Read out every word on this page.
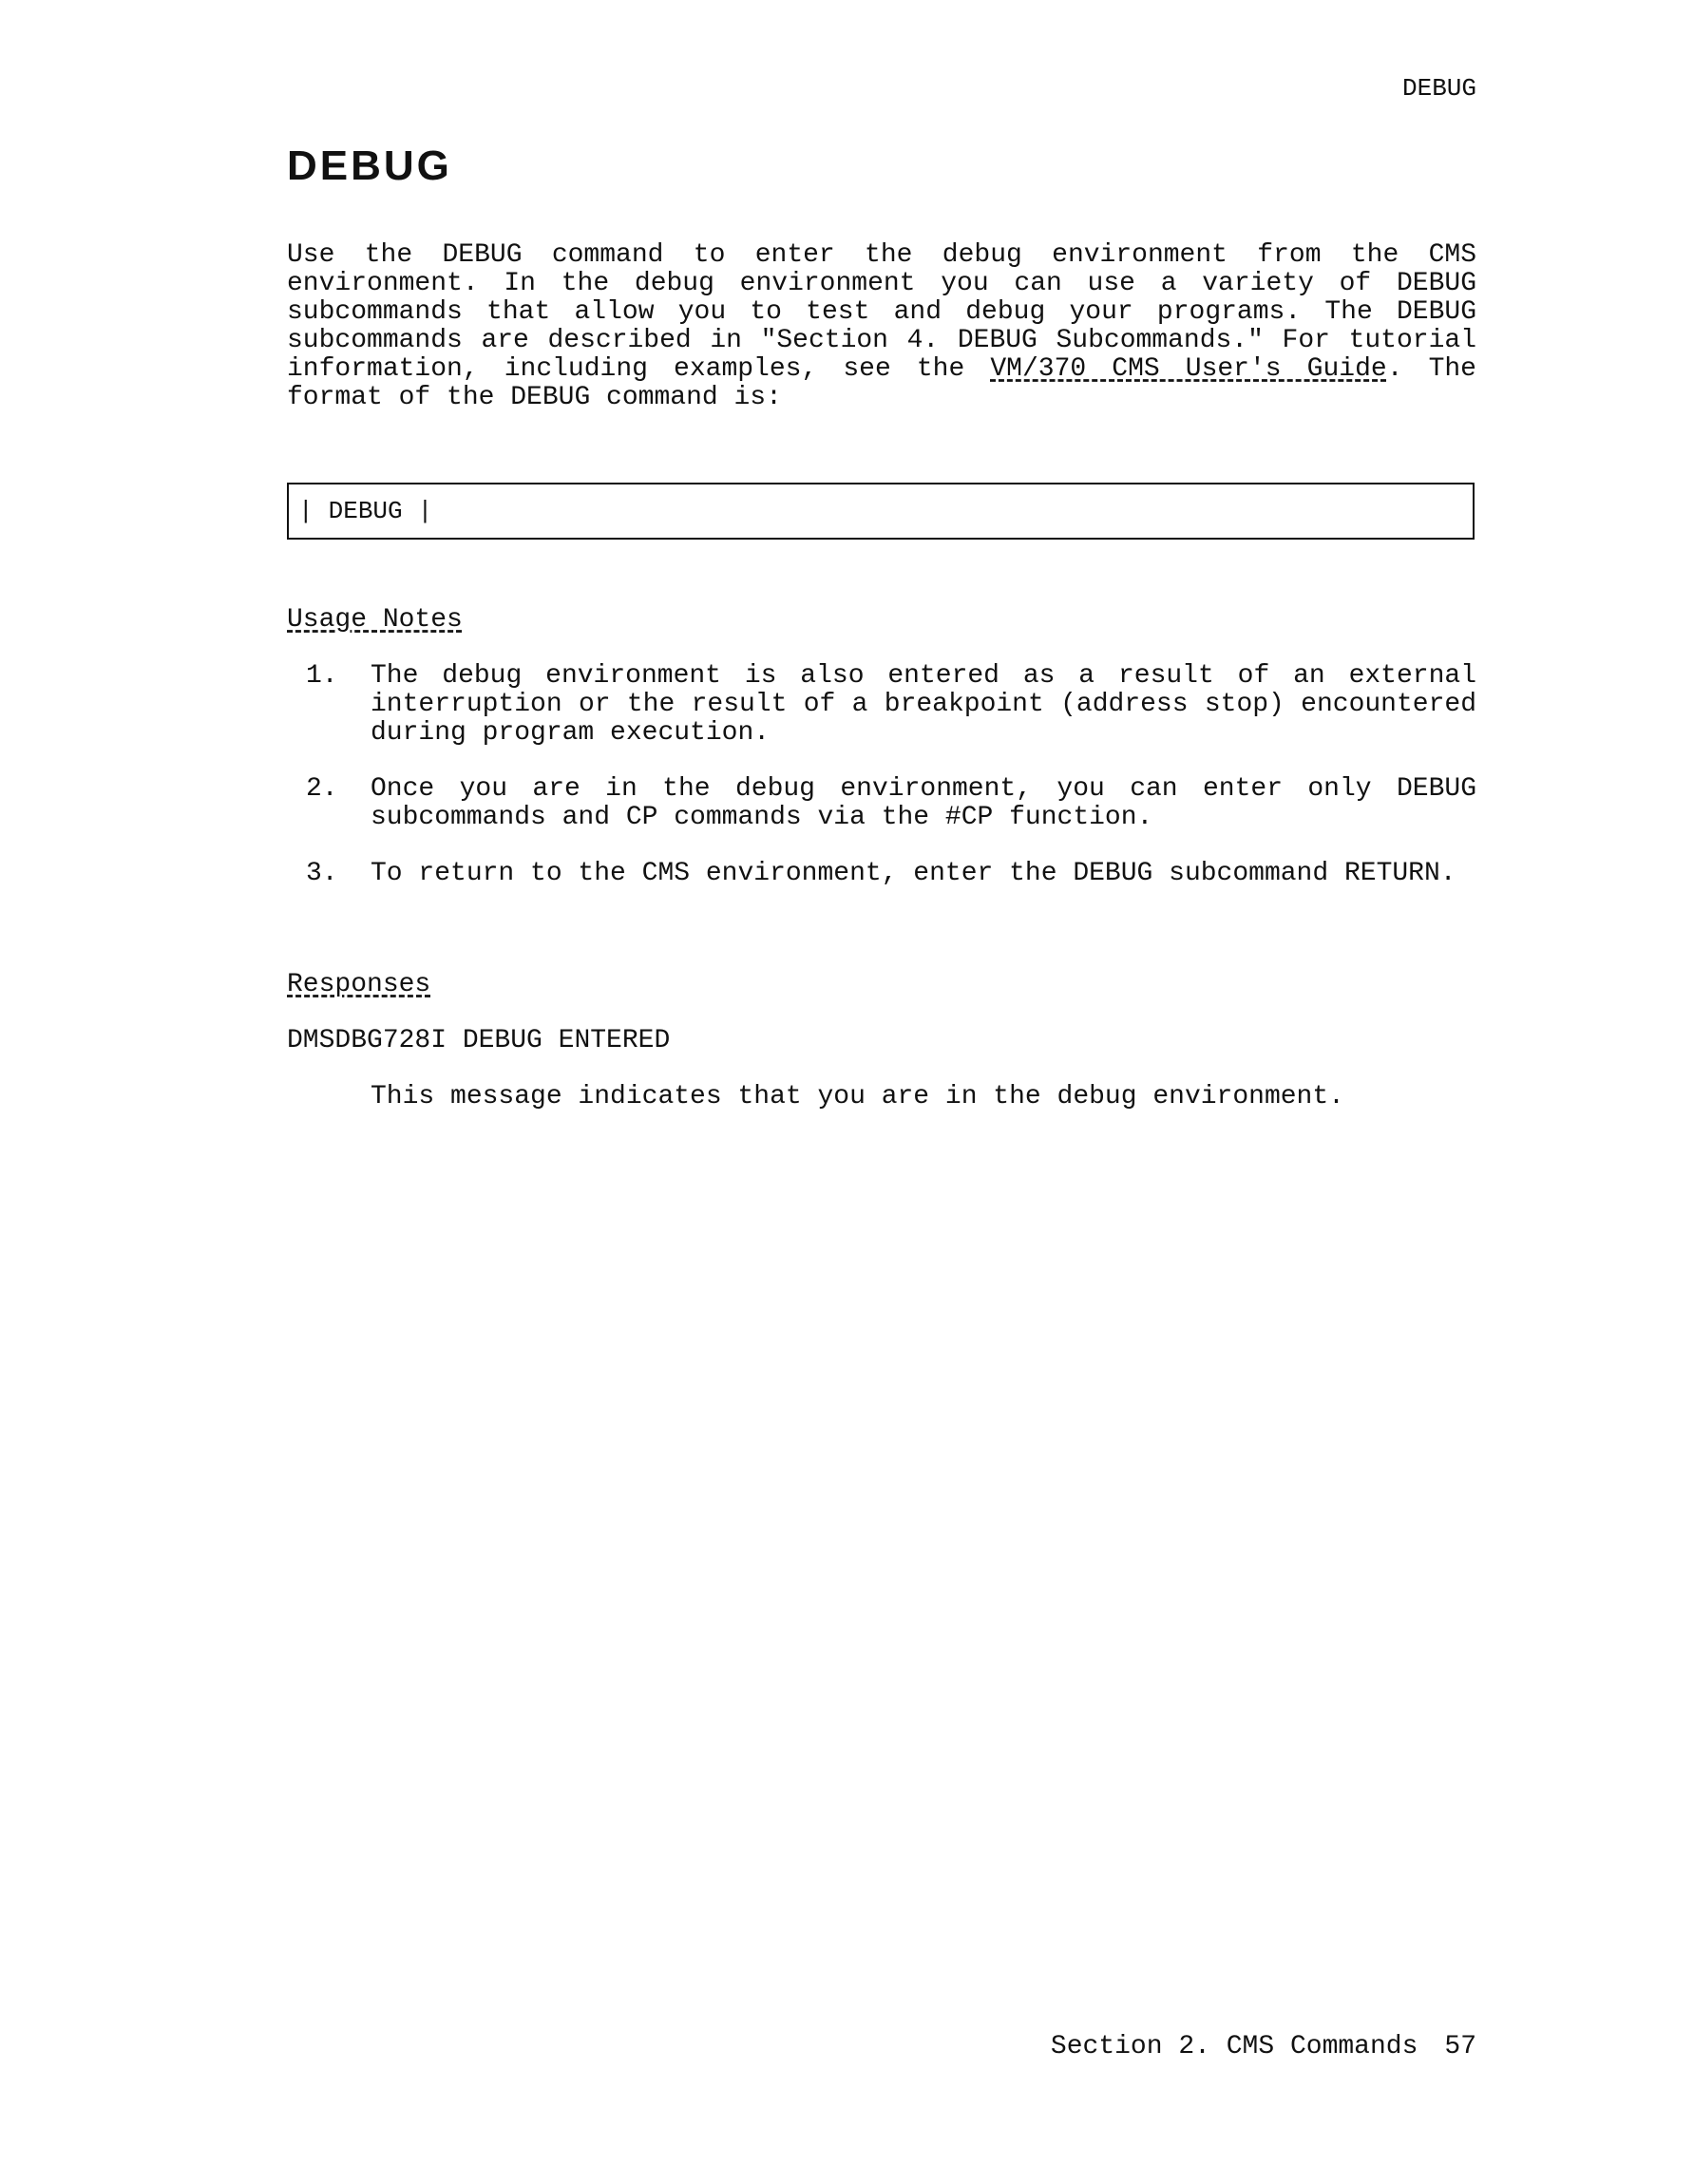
DEBUG
DEBUG

Use the DEBUG command to enter the debug environment from the CMS environment. In the debug environment you can use a variety of DEBUG subcommands that allow you to test and debug your programs. The DEBUG subcommands are described in "Section 4. DEBUG Subcommands." For tutorial information, including examples, see the VM/370 CMS User's Guide. The format of the DEBUG command is:

| DEBUG |
Usage Notes
1. The debug environment is also entered as a result of an external interruption or the result of a breakpoint (address stop) encountered during program execution.
2. Once you are in the debug environment, you can enter only DEBUG subcommands and CP commands via the #CP function.
3. To return to the CMS environment, enter the DEBUG subcommand RETURN.
Responses
DMSDBG728I DEBUG ENTERED
This message indicates that you are in the debug environment.
Section 2. CMS Commands 57
